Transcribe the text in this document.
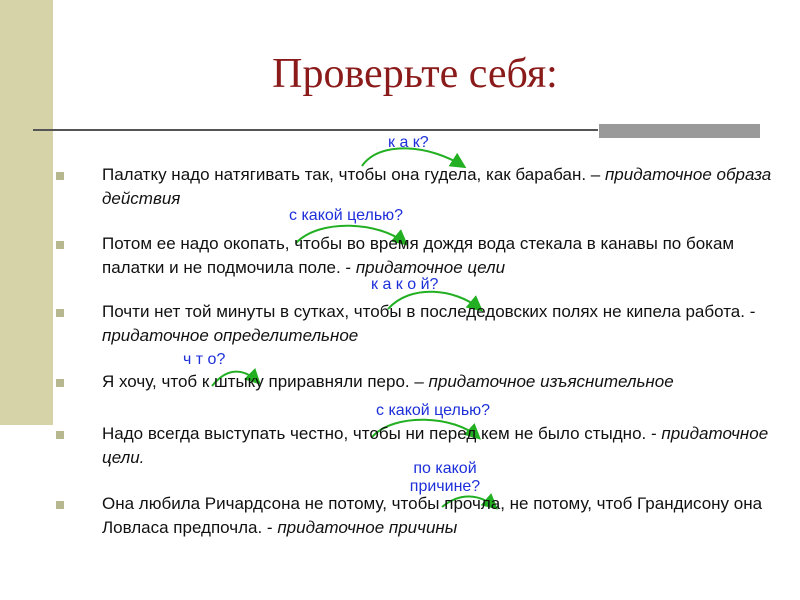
Проверьте себя:
к а к?
с какой целью?
к а к о й?
ч т о?
с какой целью?
по какой причине?
Палатку надо натягивать так, чтобы она гудела, как барабан. – придаточное образа действия
Потом ее надо окопать, чтобы во время дождя вода стекала в канавы по бокам палатки и не подмочила поле. - придаточное цели
Почти нет той минуты в сутках, чтобы в последедовских полях не кипела работа. - придаточное определительное
Я хочу, чтоб к штыку приравняли перо. – придаточное изъяснительное
Надо всегда выступать честно, чтобы ни перед кем не было стыдно. - придаточное цели.
Она любила Ричардсона не потому, чтобы прочла, не потому, чтоб Грандисону она Ловласа предпочла. - придаточное причины
